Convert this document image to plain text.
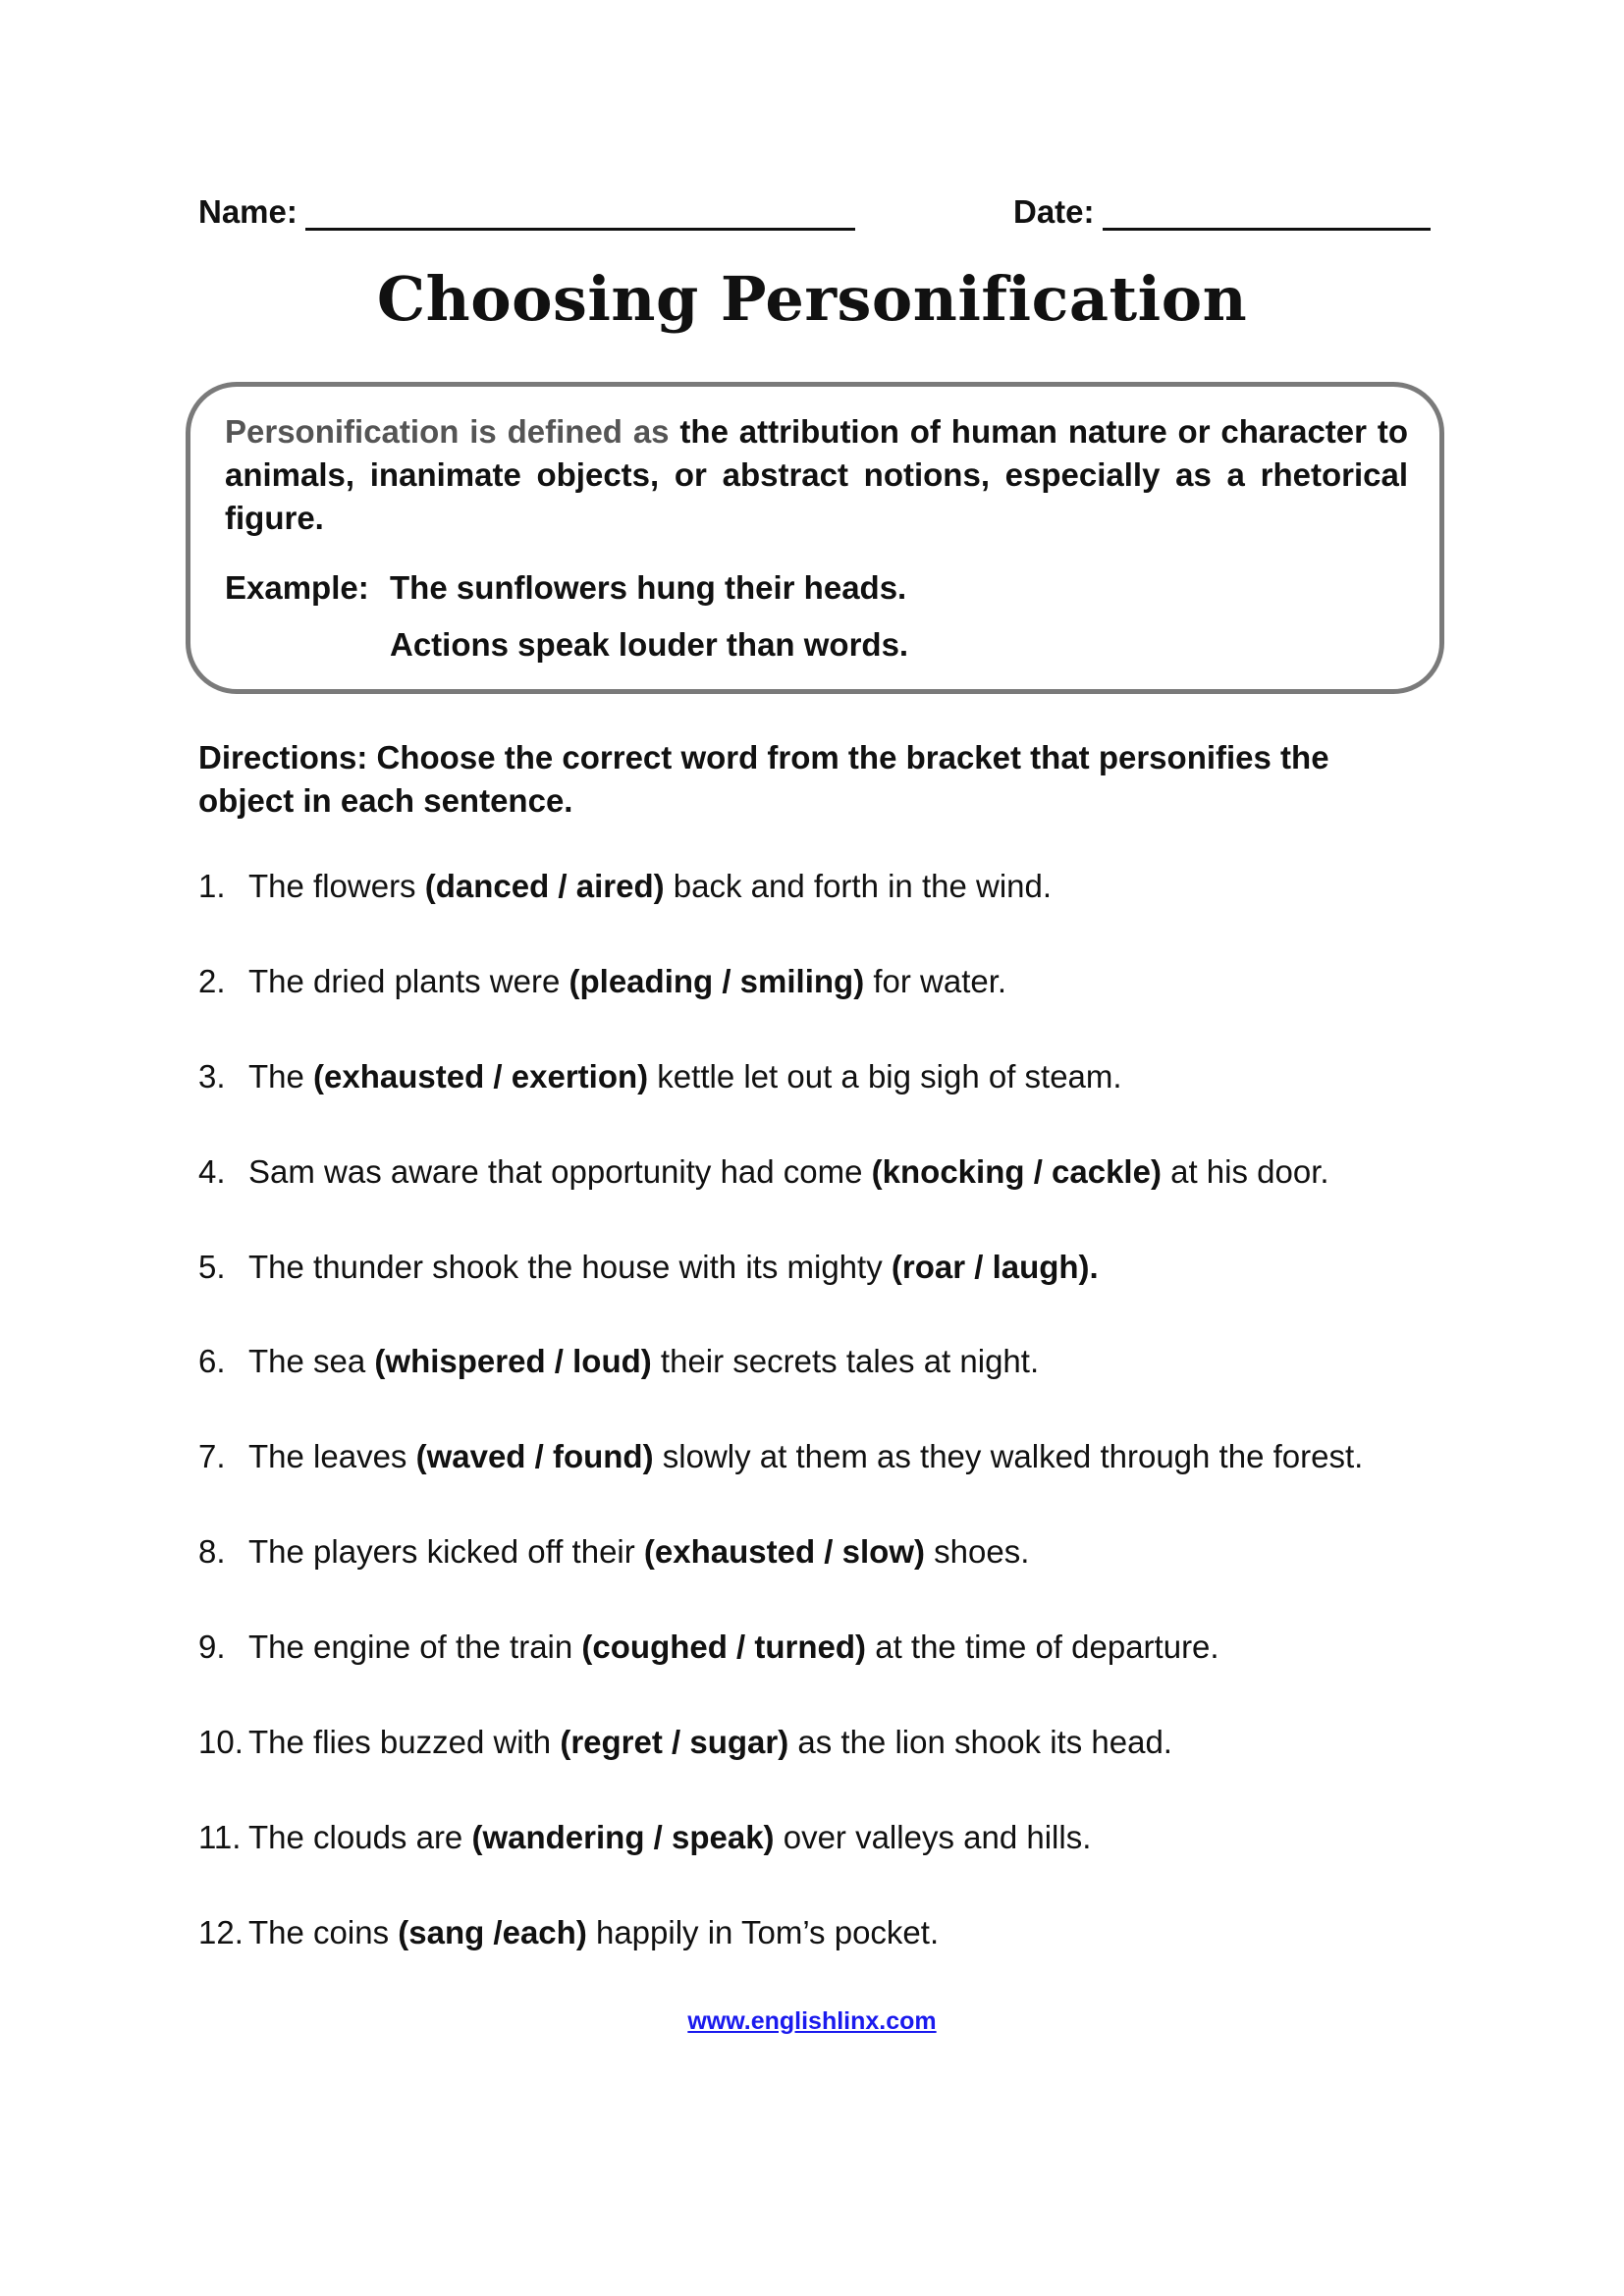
Name:	Date:
Choosing Personification
Personification is defined as the attribution of human nature or character to animals, inanimate objects, or abstract notions, especially as a rhetorical figure.
Example: The sunflowers hung their heads.
Actions speak louder than words.
Directions: Choose the correct word from the bracket that personifies the object in each sentence.
1. The flowers (danced / aired) back and forth in the wind.
2. The dried plants were (pleading / smiling) for water.
3. The (exhausted / exertion) kettle let out a big sigh of steam.
4. Sam was aware that opportunity had come (knocking / cackle) at his door.
5. The thunder shook the house with its mighty (roar / laugh).
6. The sea (whispered / loud) their secrets tales at night.
7. The leaves (waved / found) slowly at them as they walked through the forest.
8. The players kicked off their (exhausted / slow) shoes.
9. The engine of the train (coughed / turned) at the time of departure.
10. The flies buzzed with (regret / sugar) as the lion shook its head.
11. The clouds are (wandering / speak) over valleys and hills.
12. The coins (sang /each) happily in Tom’s pocket.
www.englishlinx.com
